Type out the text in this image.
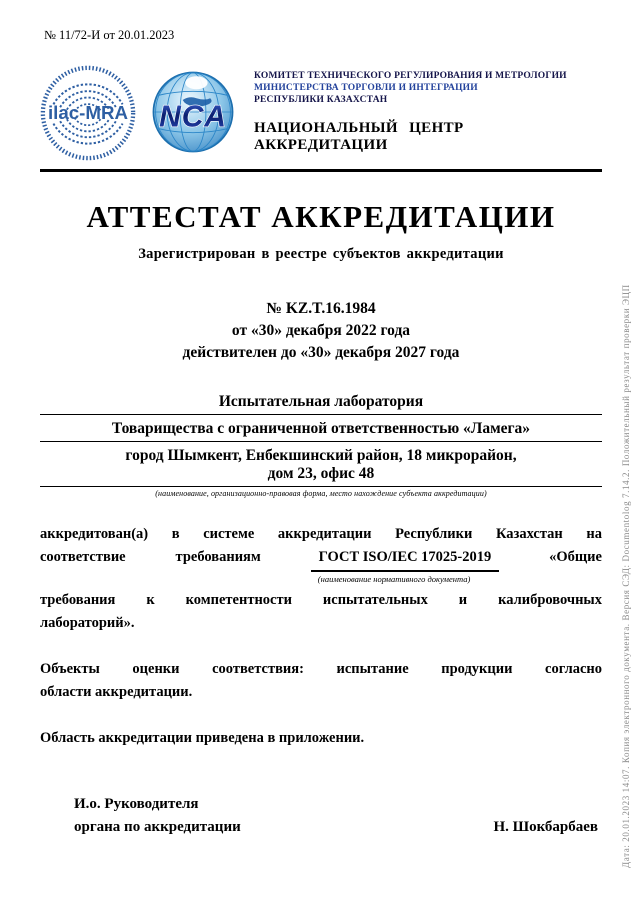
№ 11/72-И от 20.01.2023
ilac-MRA NCA
КОМИТЕТ ТЕХНИЧЕСКОГО РЕГУЛИРОВАНИЯ И МЕТРОЛОГИИ
МИНИСТЕРСТВА ТОРГОВЛИ И ИНТЕГРАЦИИ
РЕСПУБЛИКИ КАЗАХСТАН
НАЦИОНАЛЬНЫЙ ЦЕНТР АККРЕДИТАЦИИ
АТТЕСТАТ АККРЕДИТАЦИИ
Зарегистрирован в реестре субъектов аккредитации
№ KZ.T.16.1984
от «30» декабря 2022 года
действителен до «30» декабря 2027 года
Испытательная лаборатория
Товарищества с ограниченной ответственностью «Ламега»
город Шымкент, Енбекшинский район, 18 микрорайон,
дом 23, офис 48
(наименование, организационно-правовая форма, место нахождение субъекта аккредитации)
аккредитован(а) в системе аккредитации Республики Казахстан на
соответствие	требованиям	ГОСТ ISO/IEC 17025-2019	«Общие
(наименование нормативного документа)
требования к компетентности испытательных и калибровочных
лабораторий».
Объекты оценки соответствия: испытание продукции согласно
области аккредитации.
Область аккредитации приведена в приложении.
И.о. Руководителя
органа по аккредитации	Н. Шокбарбаев	Дата: 20.01.2023 14:07. Копия электронного документа. Версия СЭД: Documentolog 7.14.2. Положительный результат проверки ЭЦП
